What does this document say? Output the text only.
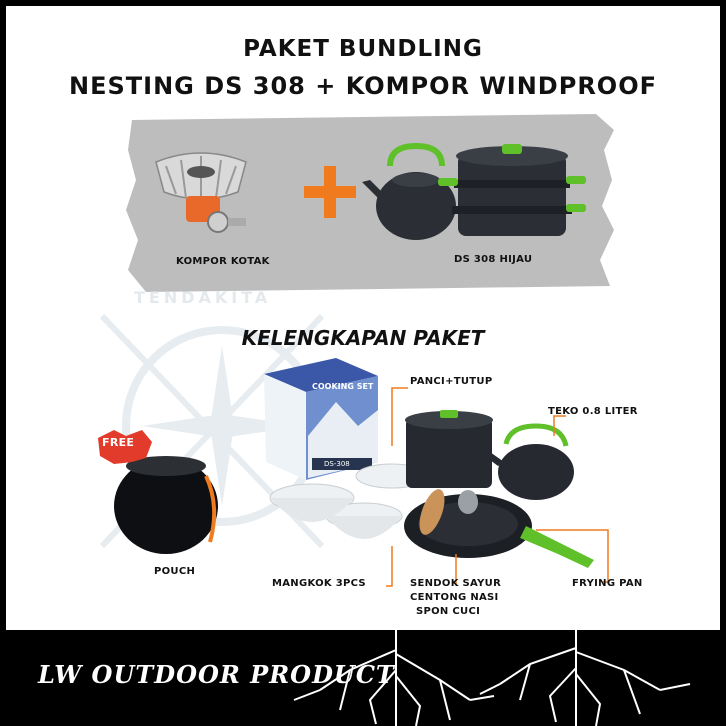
PAKET BUNDLING
NESTING DS 308 + KOMPOR WINDPROOF
KOMPOR KOTAK	DS 308 HIJAU
TENDAKITA
KELENGKAPAN PAKET
FREE
POUCH
MANGKOK 3PCS
PANCI+TUTUP
TEKO 0.8 LITER
SENDOK SAYUR
CENTONG NASI
SPON CUCI
FRYING PAN
COOKING SET
DS-308
LW OUTDOOR PRODUCT
